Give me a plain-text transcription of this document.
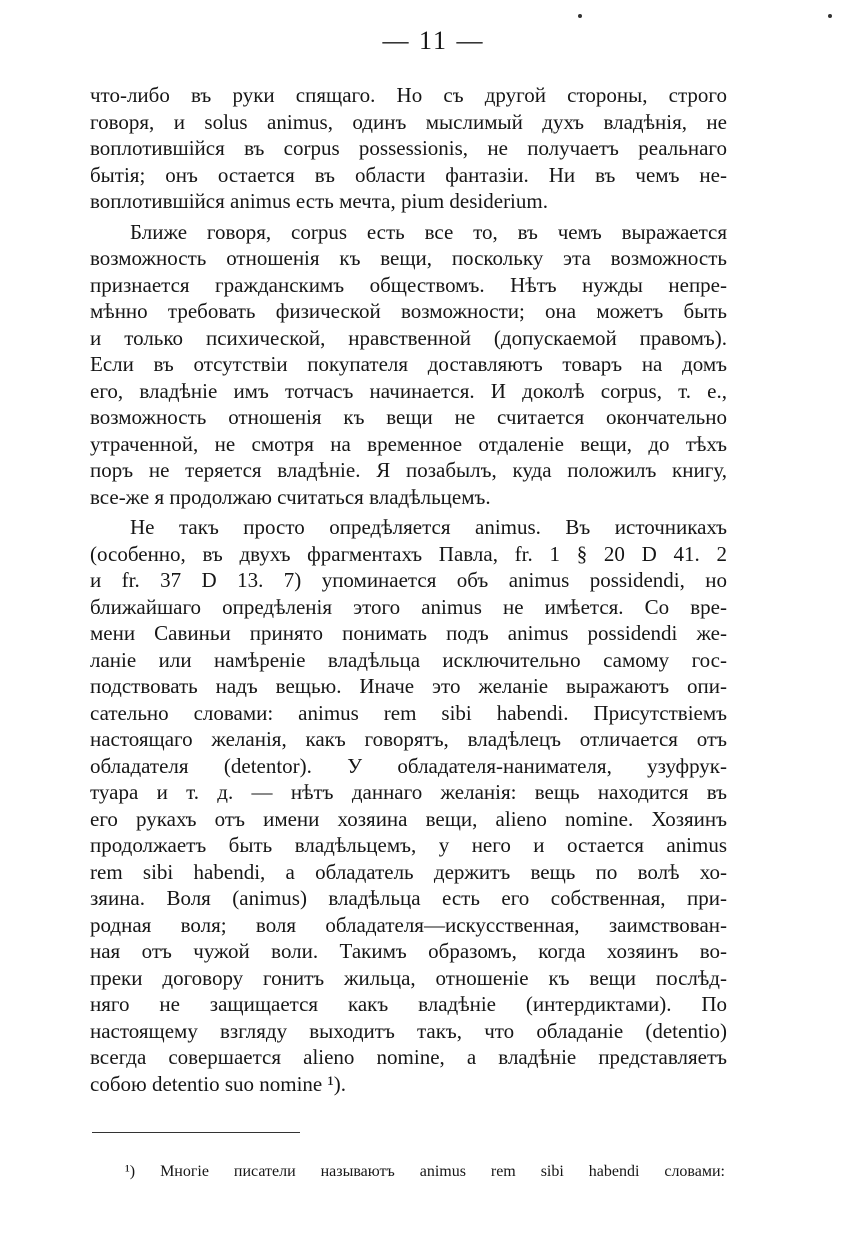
— 11 —
что-либо въ руки спящаго. Но съ другой стороны, строго
говоря, и solus animus, одинъ мыслимый духъ владѣнія, не
воплотившійся въ corpus possessionis, не получаетъ реальнаго
бытія; онъ остается въ области фантазіи. Ни въ чемъ не-
воплотившійся animus есть мечта, pium desiderium.
Ближе говоря, corpus есть все то, въ чемъ выражается
возможность отношенія къ вещи, поскольку эта возможность
признается гражданскимъ обществомъ. Нѣтъ нужды непре-
мѣнно требовать физической возможности; она можетъ быть
и только психической, нравственной (допускаемой правомъ).
Если въ отсутствіи покупателя доставляютъ товаръ на домъ
его, владѣніе имъ тотчасъ начинается. И доколѣ corpus, т. е.,
возможность отношенія къ вещи не считается окончательно
утраченной, не смотря на временное отдаленіе вещи, до тѣхъ
поръ не теряется владѣніе. Я позабылъ, куда положилъ книгу,
все-же я продолжаю считаться владѣльцемъ.
Не такъ просто опредѣляется animus. Въ источникахъ
(особенно, въ двухъ фрагментахъ Павла, fr. 1 § 20 D 41. 2
и fr. 37 D 13. 7) упоминается объ animus possidendi, но
ближайшаго опредѣленія этого animus не имѣется. Со вре-
мени Савиньи принято понимать подъ animus possidendi же-
ланіе или намѣреніе владѣльца исключительно самому гос-
подствовать надъ вещью. Иначе это желаніе выражаютъ опи-
сательно словами: animus rem sibi habendi. Присутствіемъ
настоящаго желанія, какъ говорятъ, владѣлецъ отличается отъ
обладателя (detentor). У обладателя-нанимателя, узуфрук-
туара и т. д. — нѣтъ даннаго желанія: вещь находится въ
его рукахъ отъ имени хозяина вещи, alieno nomine. Хозяинъ
продолжаетъ быть владѣльцемъ, у него и остается animus
rem sibi habendi, а обладатель держитъ вещь по волѣ хо-
зяина. Воля (animus) владѣльца есть его собственная, при-
родная воля; воля обладателя—искусственная, заимствован-
ная отъ чужой воли. Такимъ образомъ, когда хозяинъ во-
преки договору гонитъ жильца, отношеніе къ вещи послѣд-
няго не защищается какъ владѣніе (интердиктами). По
настоящему взгляду выходитъ такъ, что обладаніе (detentio)
всегда совершается alieno nomine, а владѣніе представляетъ
собою detentio suo nomine ¹).
¹) Многіе писатели называютъ animus rem sibi habendi словами:
